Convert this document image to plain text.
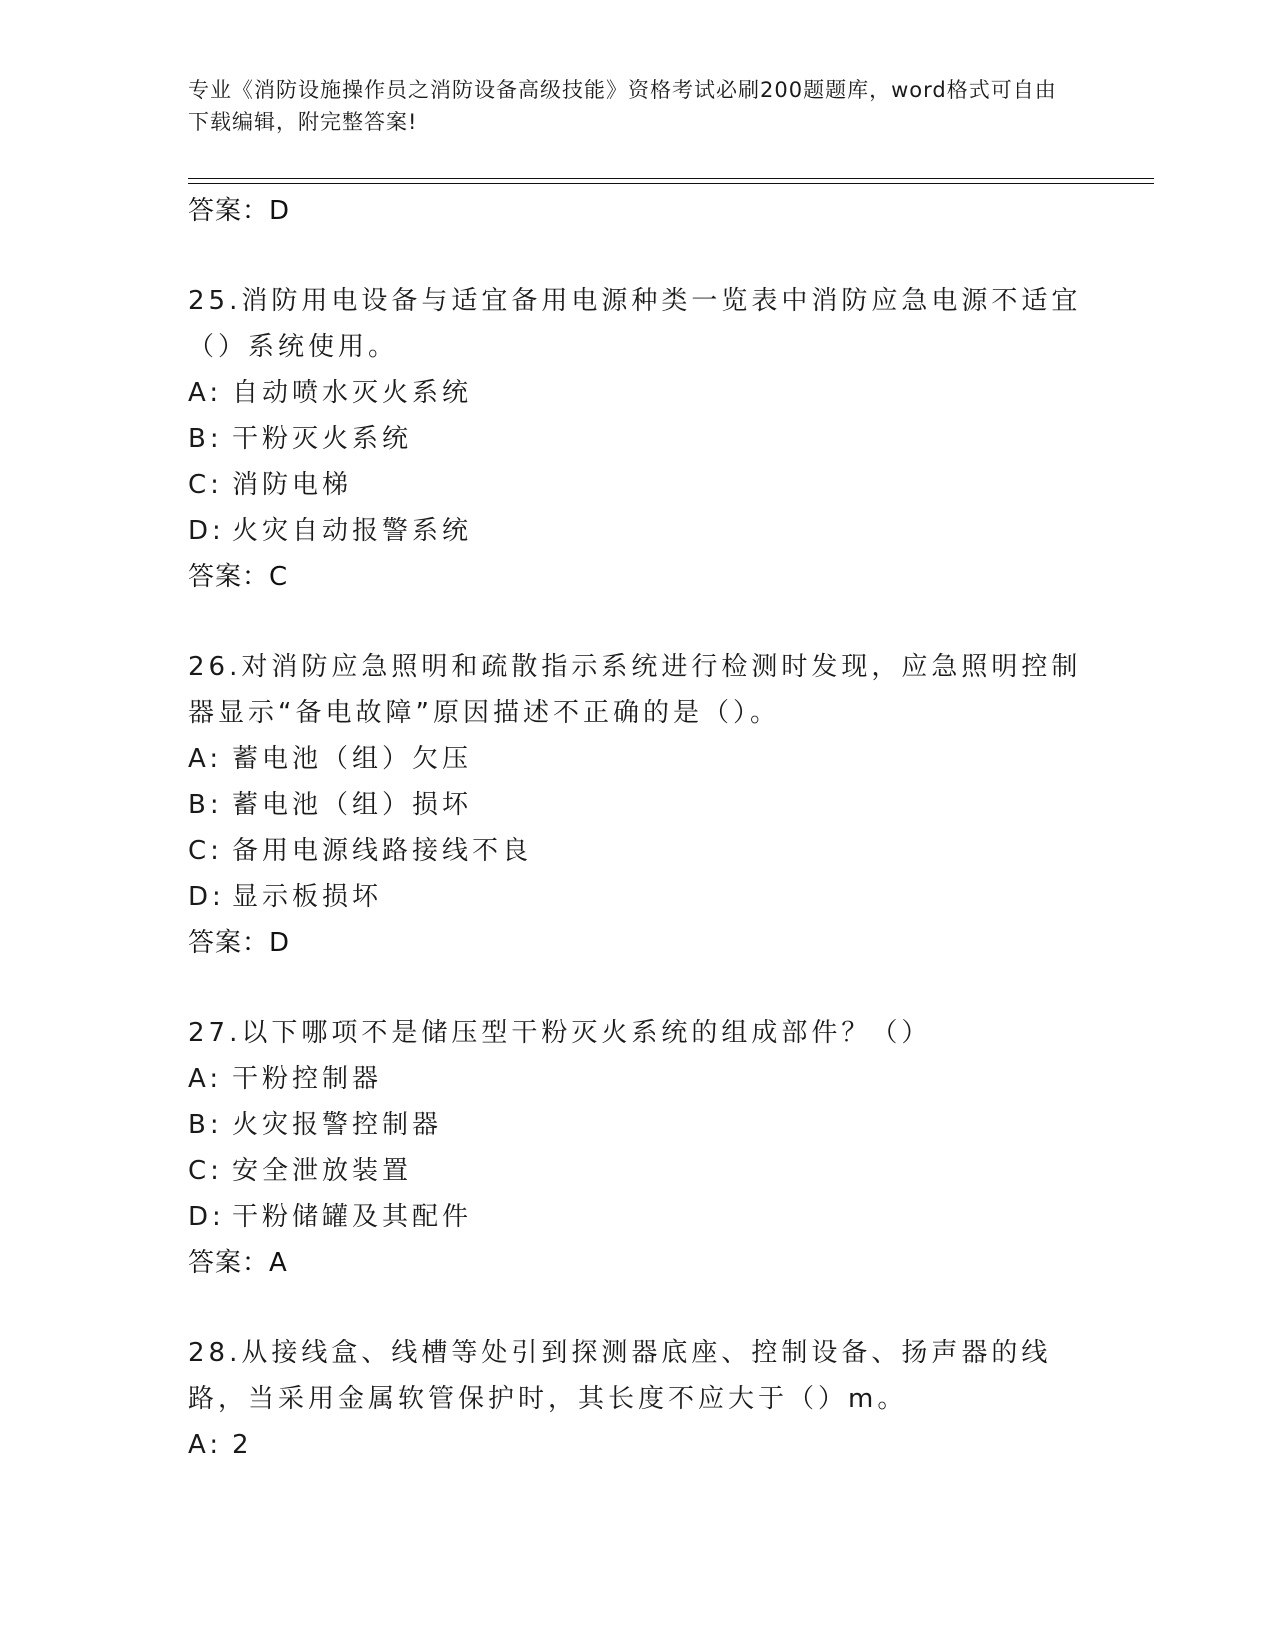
专业《消防设施操作员之消防设备高级技能》资格考试必刷200题题库，word格式可自由下载编辑，附完整答案!

答案：D

25.消防用电设备与适宜备用电源种类一览表中消防应急电源不适宜（）系统使用。

A: 自动喷水灭火系统

B: 干粉灭火系统

C: 消防电梯

D: 火灾自动报警系统

答案：C

26.对消防应急照明和疏散指示系统进行检测时发现，应急照明控制器显示“备电故障”原因描述不正确的是（）。

A: 蓄电池（组）欠压

B: 蓄电池（组）损坏

C: 备用电源线路接线不良

D: 显示板损坏

答案：D

27.以下哪项不是储压型干粉灭火系统的组成部件？（）

A: 干粉控制器

B: 火灾报警控制器

C: 安全泄放装置

D: 干粉储罐及其配件

答案：A

28.从接线盒、线槽等处引到探测器底座、控制设备、扬声器的线路，当采用金属软管保护时，其长度不应大于（）m。

A: 2
